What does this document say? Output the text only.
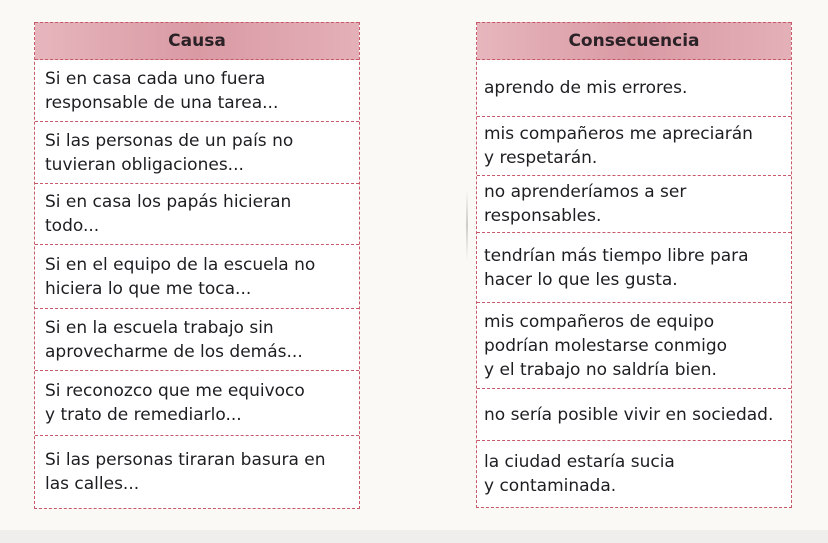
Causa
Si en casa cada uno fuera
responsable de una tarea...
Si las personas de un país no
tuvieran obligaciones...
Si en casa los papás hicieran
todo...
Si en el equipo de la escuela no
hiciera lo que me toca...
Si en la escuela trabajo sin
aprovecharme de los demás...
Si reconozco que me equivoco
y trato de remediarlo...
Si las personas tiraran basura en
las calles...
Consecuencia
aprendo de mis errores.
mis compañeros me apreciarán
y respetarán.
no aprenderíamos a ser
responsables.
tendrían más tiempo libre para
hacer lo que les gusta.
mis compañeros de equipo
podrían molestarse conmigo
y el trabajo no saldría bien.
no sería posible vivir en sociedad.
la ciudad estaría sucia
y contaminada.
